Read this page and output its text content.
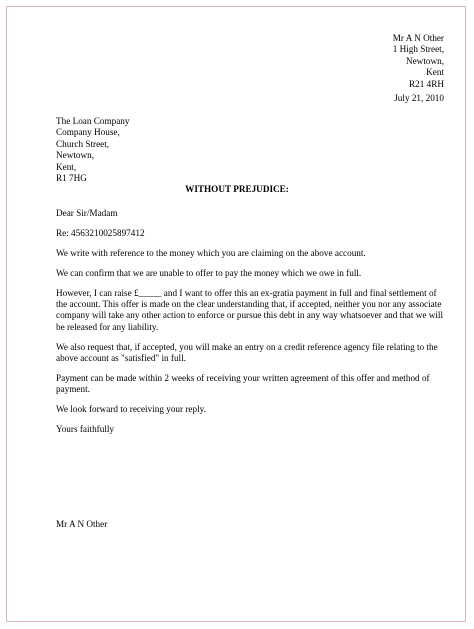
Mr A N Other
1 High Street,
Newtown,
Kent
R21 4RH
July 21, 2010
The Loan Company
Company House,
Church Street,
Newtown,
Kent,
R1 7HG
WITHOUT PREJUDICE:

Dear Sir/Madam

Re: 4563210025897412

We write with reference to the money which you are claiming on the above account.

We can confirm that we are unable to offer to pay the money which we owe in full.

However, I can raise £_____ and I want to offer this an ex-gratia payment in full and final settlement of the account. This offer is made on the clear understanding that, if accepted, neither you nor any associate company will take any other action to enforce or pursue this debt in any way whatsoever and that we will be released for any liability.

We also request that, if accepted, you will make an entry on a credit reference agency file relating to the above account as "satisfied" in full.

Payment can be made within 2 weeks of receiving your written agreement of this offer and method of payment.

We look forward to receiving your reply.

Yours faithfully

Mr A N Other
